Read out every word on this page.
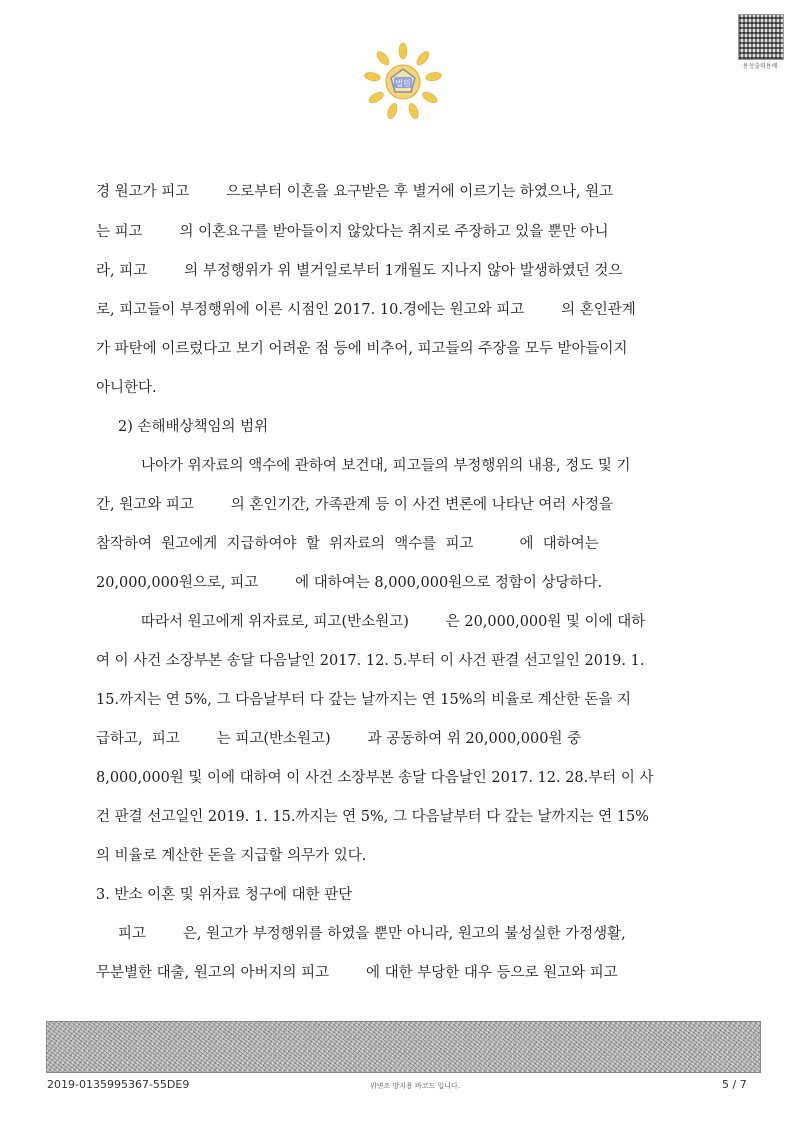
법원
용성출력용배
경 원고가 피고        으로부터 이혼을 요구받은 후 별거에 이르기는 하였으나, 원고
는 피고        의 이혼요구를 받아들이지 않았다는 취지로 주장하고 있을 뿐만 아니
라, 피고        의 부정행위가 위 별거일로부터 1개월도 지나지 않아 발생하였던 것으
로, 피고들이 부정행위에 이른 시점인 2017. 10.경에는 원고와 피고        의 혼인관계
가 파탄에 이르렀다고 보기 어려운 점 등에 비추어, 피고들의 주장을 모두 받아들이지
아니한다.
2) 손해배상책임의 범위
나아가 위자료의 액수에 관하여 보건대, 피고들의 부정행위의 내용, 정도 및 기
간, 원고와 피고        의 혼인기간, 가족관계 등 이 사건 변론에 나타난 여러 사정을
참작하여  원고에게  지급하여야  할  위자료의  액수를  피고          에  대하여는
20,000,000원으로, 피고        에 대하여는 8,000,000원으로 정함이 상당하다.
따라서 원고에게 위자료로, 피고(반소원고)        은 20,000,000원 및 이에 대하
여 이 사건 소장부본 송달 다음날인 2017. 12. 5.부터 이 사건 판결 선고일인 2019. 1.
15.까지는 연 5%, 그 다음날부터 다 갚는 날까지는 연 15%의 비율로 계산한 돈을 지
급하고,  피고        는 피고(반소원고)        과 공동하여 위 20,000,000원 중
8,000,000원 및 이에 대하여 이 사건 소장부본 송달 다음날인 2017. 12. 28.부터 이 사
건 판결 선고일인 2019. 1. 15.까지는 연 5%, 그 다음날부터 다 갚는 날까지는 연 15%
의 비율로 계산한 돈을 지급할 의무가 있다.
3. 반소 이혼 및 위자료 청구에 대한 판단
피고        은, 원고가 부정행위를 하였을 뿐만 아니라, 원고의 불성실한 가정생활,
무분별한 대출, 원고의 아버지의 피고        에 대한 부당한 대우 등으로 원고와 피고
2019-0135995367-55DE9	위변조 방지용 바코드 입니다.	5 / 7
